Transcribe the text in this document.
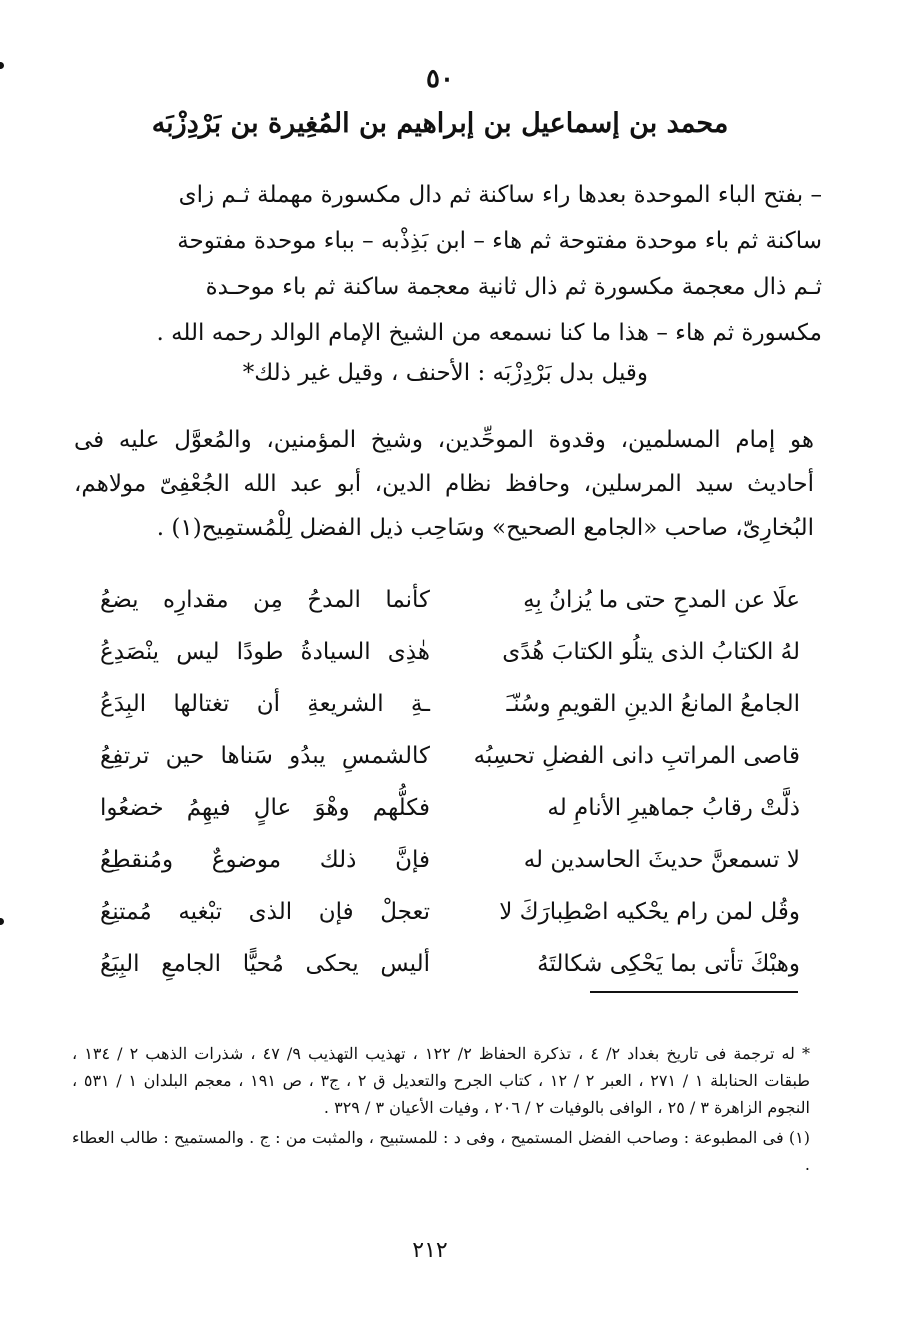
٥٠
محمد بن إسماعيل بن إبراهيم بن المُغِيرة بن بَرْدِزْبَه

– بفتح الباء الموحدة بعدها راء ساكنة ثم دال مكسورة مهملة ثـم زاى

ساكنة ثم باء موحدة مفتوحة ثم هاء – ابن بَذِذْبه – بباء موحدة مفتوحة

ثـم ذال معجمة مكسورة ثم ذال ثانية معجمة ساكنة ثم باء موحـدة

مكسورة ثم هاء – هذا ما كنا نسمعه من الشيخ الإمام الوالد رحمه الله .

وقيل بدل بَرْدِزْبَه : الأحنف ، وقيل غير ذلك*

هو إمام المسلمين، وقدوة الموحِّدين، وشيخ المؤمنين، والمُعوَّل عليه فى أحاديث سيد المرسلين، وحافظ نظام الدين، أبو عبد الله الجُعْفِىّ مولاهم، البُخارِىّ، صاحب «الجامع الصحيح» وسَاحِب ذيل الفضل لِلْمُستمِيح(١) .

علَا عن المدحِ حتى ما يُزانُ بِهِ
كأنما المدحُ مِن مقدارِه يضعُ
لهُ الكتابُ الذى يتلُو الكتابَ هُدًى
هٰذِى السيادةُ طودًا ليس ينْصَدِعُ
الجامعُ المانعُ الدينِ القويمِ وسُنّـَ
ـةِ الشريعةِ أن تغتالها البِدَعُ
قاصى المراتبِ دانى الفضلِ تحسِبُه
كالشمسِ يبدُو سَناها حين ترتفِعُ
ذلَّتْ رقابُ جماهيرِ الأنامِ له
فكلُّهم وهْوَ عالٍ فيهِمُ خضعُوا
لا تسمعنَّ حديثَ الحاسدين له
فإنَّ ذلك موضوعٌ ومُنقطِعُ
وقُل لمن رام يحْكيه اصْطِبارَكَ لا
تعجلْ فإن الذى تبْغيه مُمتنِعُ
وهبْكَ تأتى بما يَحْكِى شكالتَهُ
أليس يحكى مُحيًّا الجامعِ البِيَعُ

* له ترجمة فى تاريخ بغداد ٢/ ٤ ، تذكرة الحفاظ ٢/ ١٢٢ ، تهذيب التهذيب ٩/ ٤٧ ، شذرات الذهب ٢ / ١٣٤ ، طبقات الحنابلة ١ / ٢٧١ ، العبر ٢ / ١٢ ، كتاب الجرح والتعديل ق ٢ ، ج٣ ، ص ١٩١ ، معجم البلدان ١ / ٥٣١ ، النجوم الزاهرة ٣ / ٢٥ ، الوافى بالوفيات ٢ / ٢٠٦ ، وفيات الأعيان ٣ / ٣٢٩ .

(١) فى المطبوعة : وصاحب الفضل المستميح ، وفى د : للمستبيح ، والمثبت من : ج . والمستميح : طالب العطاء .

٢١٢
